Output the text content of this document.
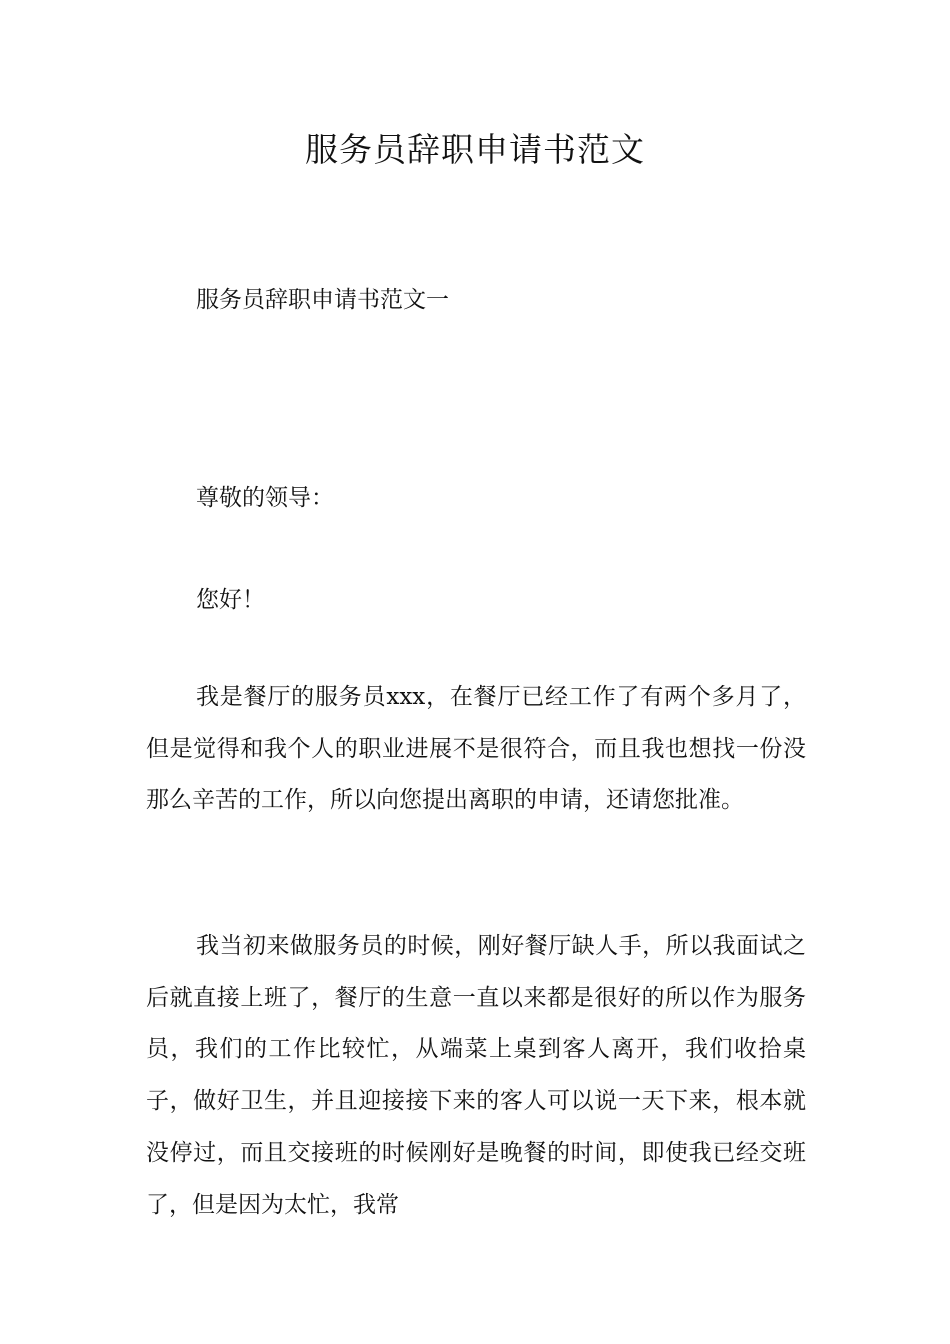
服务员辞职申请书范文

服务员辞职申请书范文一

尊敬的领导：

您好！

我是餐厅的服务员xxx，在餐厅已经工作了有两个多月了，但是觉得和我个人的职业进展不是很符合，而且我也想找一份没那么辛苦的工作，所以向您提出离职的申请，还请您批准。

我当初来做服务员的时候，刚好餐厅缺人手，所以我面试之后就直接上班了，餐厅的生意一直以来都是很好的所以作为服务员，我们的工作比较忙，从端菜上桌到客人离开，我们收拾桌子，做好卫生，并且迎接接下来的客人可以说一天下来，根本就没停过，而且交接班的时候刚好是晚餐的时间，即使我已经交班了，但是因为太忙，我常
